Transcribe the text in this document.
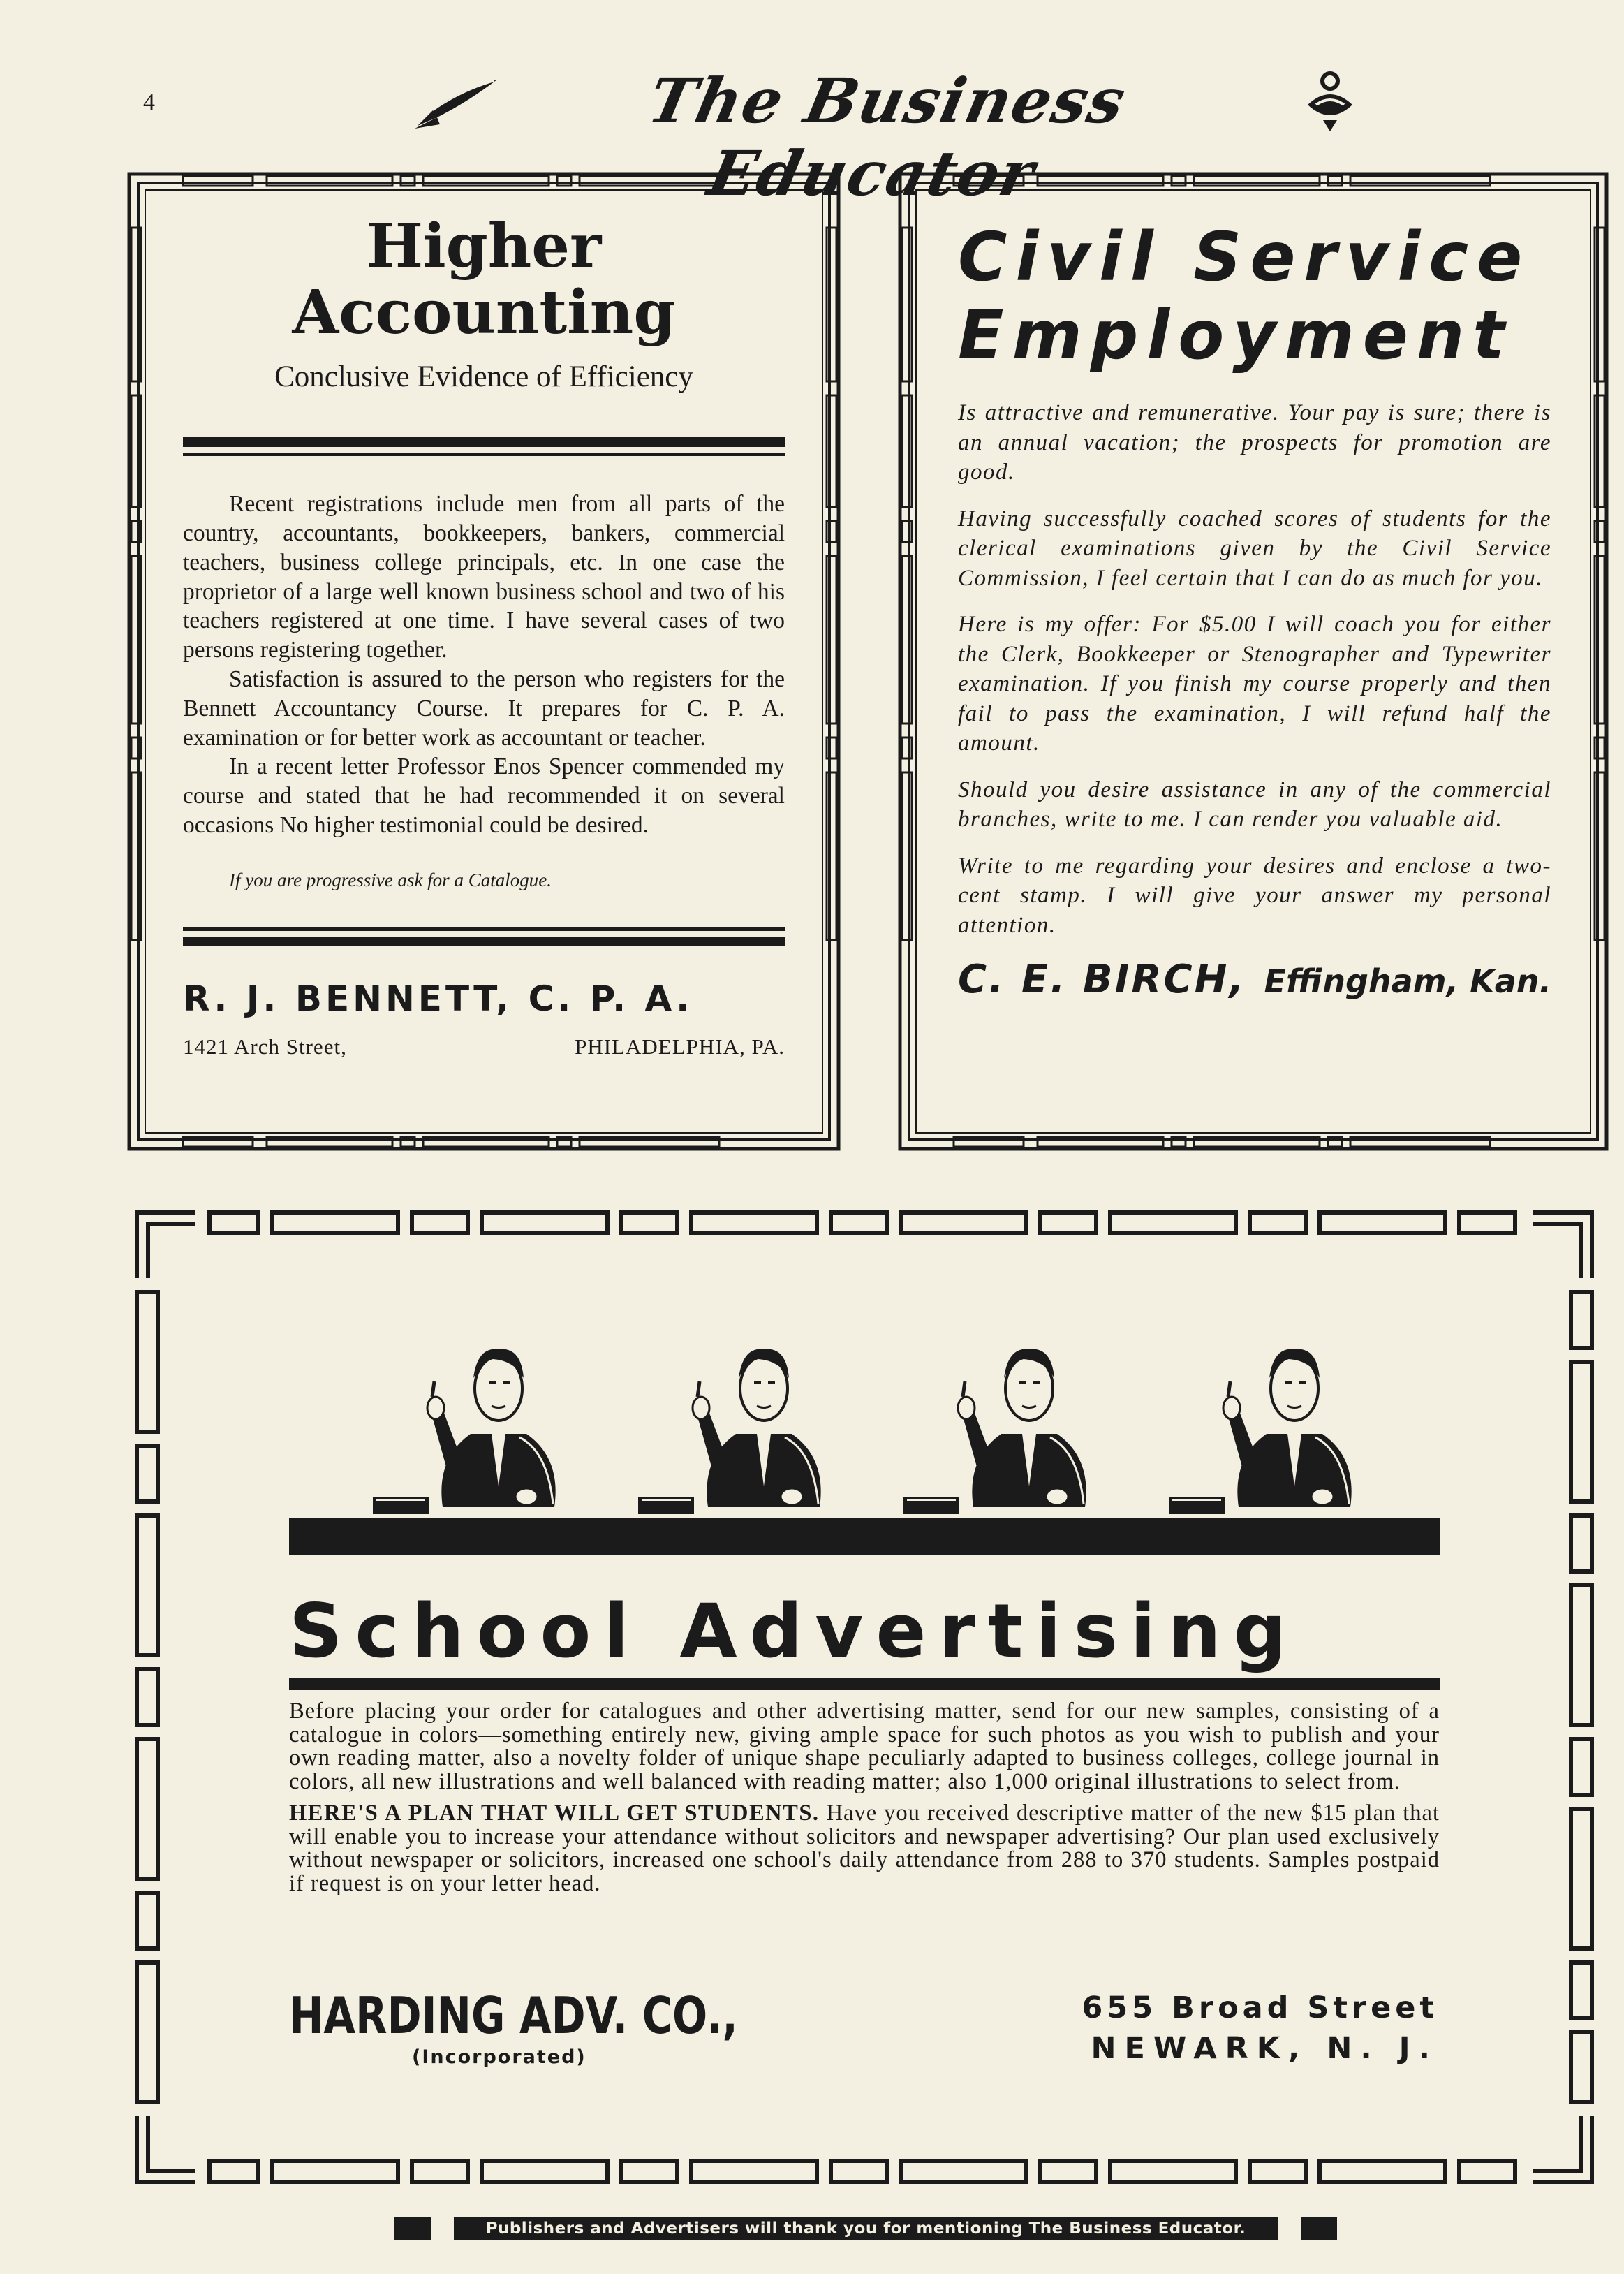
4	The Business Educator
Higher Accounting
Conclusive Evidence of Efficiency

Recent registrations include men from all parts of the country, accountants, bookkeepers, bankers, commercial teachers, business college principals, etc. In one case the proprietor of a large well known business school and two of his teachers registered at one time. I have several cases of two persons registering together.

Satisfaction is assured to the person who registers for the Bennett Accountancy Course. It prepares for C. P. A. examination or for better work as accountant or teacher.

In a recent letter Professor Enos Spencer commended my course and stated that he had recommended it on several occasions No higher testimonial could be desired.

If you are progressive ask for a Catalogue.
R. J. BENNETT, C. P. A.
1421 Arch Street,	PHILADELPHIA, PA.
Civil Service
Employment

Is attractive and remunerative. Your pay is sure; there is an annual vacation; the prospects for promotion are good.

Having successfully coached scores of students for the clerical examinations given by the Civil Service Commission, I feel certain that I can do as much for you.

Here is my offer: For $5.00 I will coach you for either the Clerk, Bookkeeper or Stenographer and Typewriter examination. If you finish my course properly and then fail to pass the examination, I will refund half the amount.

Should you desire assistance in any of the commercial branches, write to me. I can render you valuable aid.

Write to me regarding your desires and enclose a two-cent stamp. I will give your answer my personal attention.

C. E. BIRCH, Effingham, Kan.
School Advertising

Before placing your order for catalogues and other advertising matter, send for our new samples, consisting of a catalogue in colors—something entirely new, giving ample space for such photos as you wish to publish and your own reading matter, also a novelty folder of unique shape peculiarly adapted to business colleges, college journal in colors, all new illustrations and well balanced with reading matter; also 1,000 original illustrations to select from.

HERE'S A PLAN THAT WILL GET STUDENTS. Have you received descriptive matter of the new $15 plan that will enable you to increase your attendance without solicitors and newspaper advertising? Our plan used exclusively without newspaper or solicitors, increased one school's daily attendance from 288 to 370 students. Samples postpaid if request is on your letter head.

HARDING ADV. CO.,
(Incorporated)
655 Broad Street
NEWARK, N. J.
Publishers and Advertisers will thank you for mentioning The Business Educator.
